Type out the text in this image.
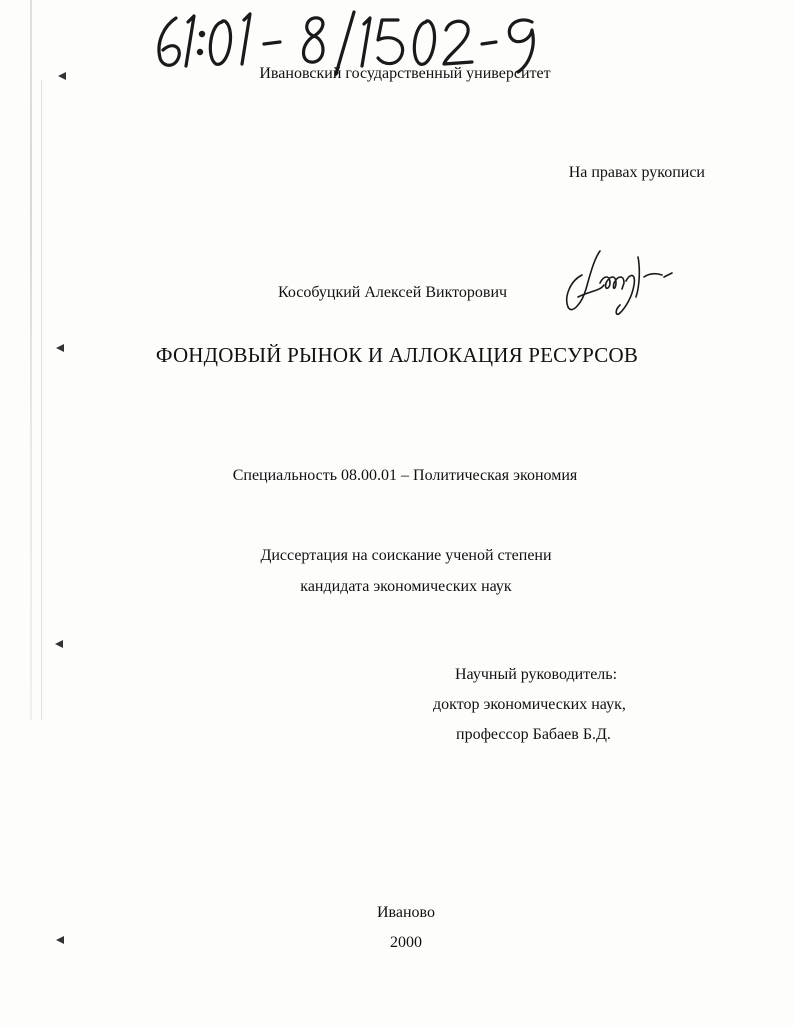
Ивановский государственный университет
На правах рукописи
Кособуцкий Алексей Викторович
ФОНДОВЫЙ РЫНОК И АЛЛОКАЦИЯ РЕСУРСОВ
Специальность 08.00.01 – Политическая экономия
Диссертация на соискание ученой степени
кандидата экономических наук
Научный руководитель:
доктор экономических наук,
профессор Бабаев Б.Д.
Иваново
2000
